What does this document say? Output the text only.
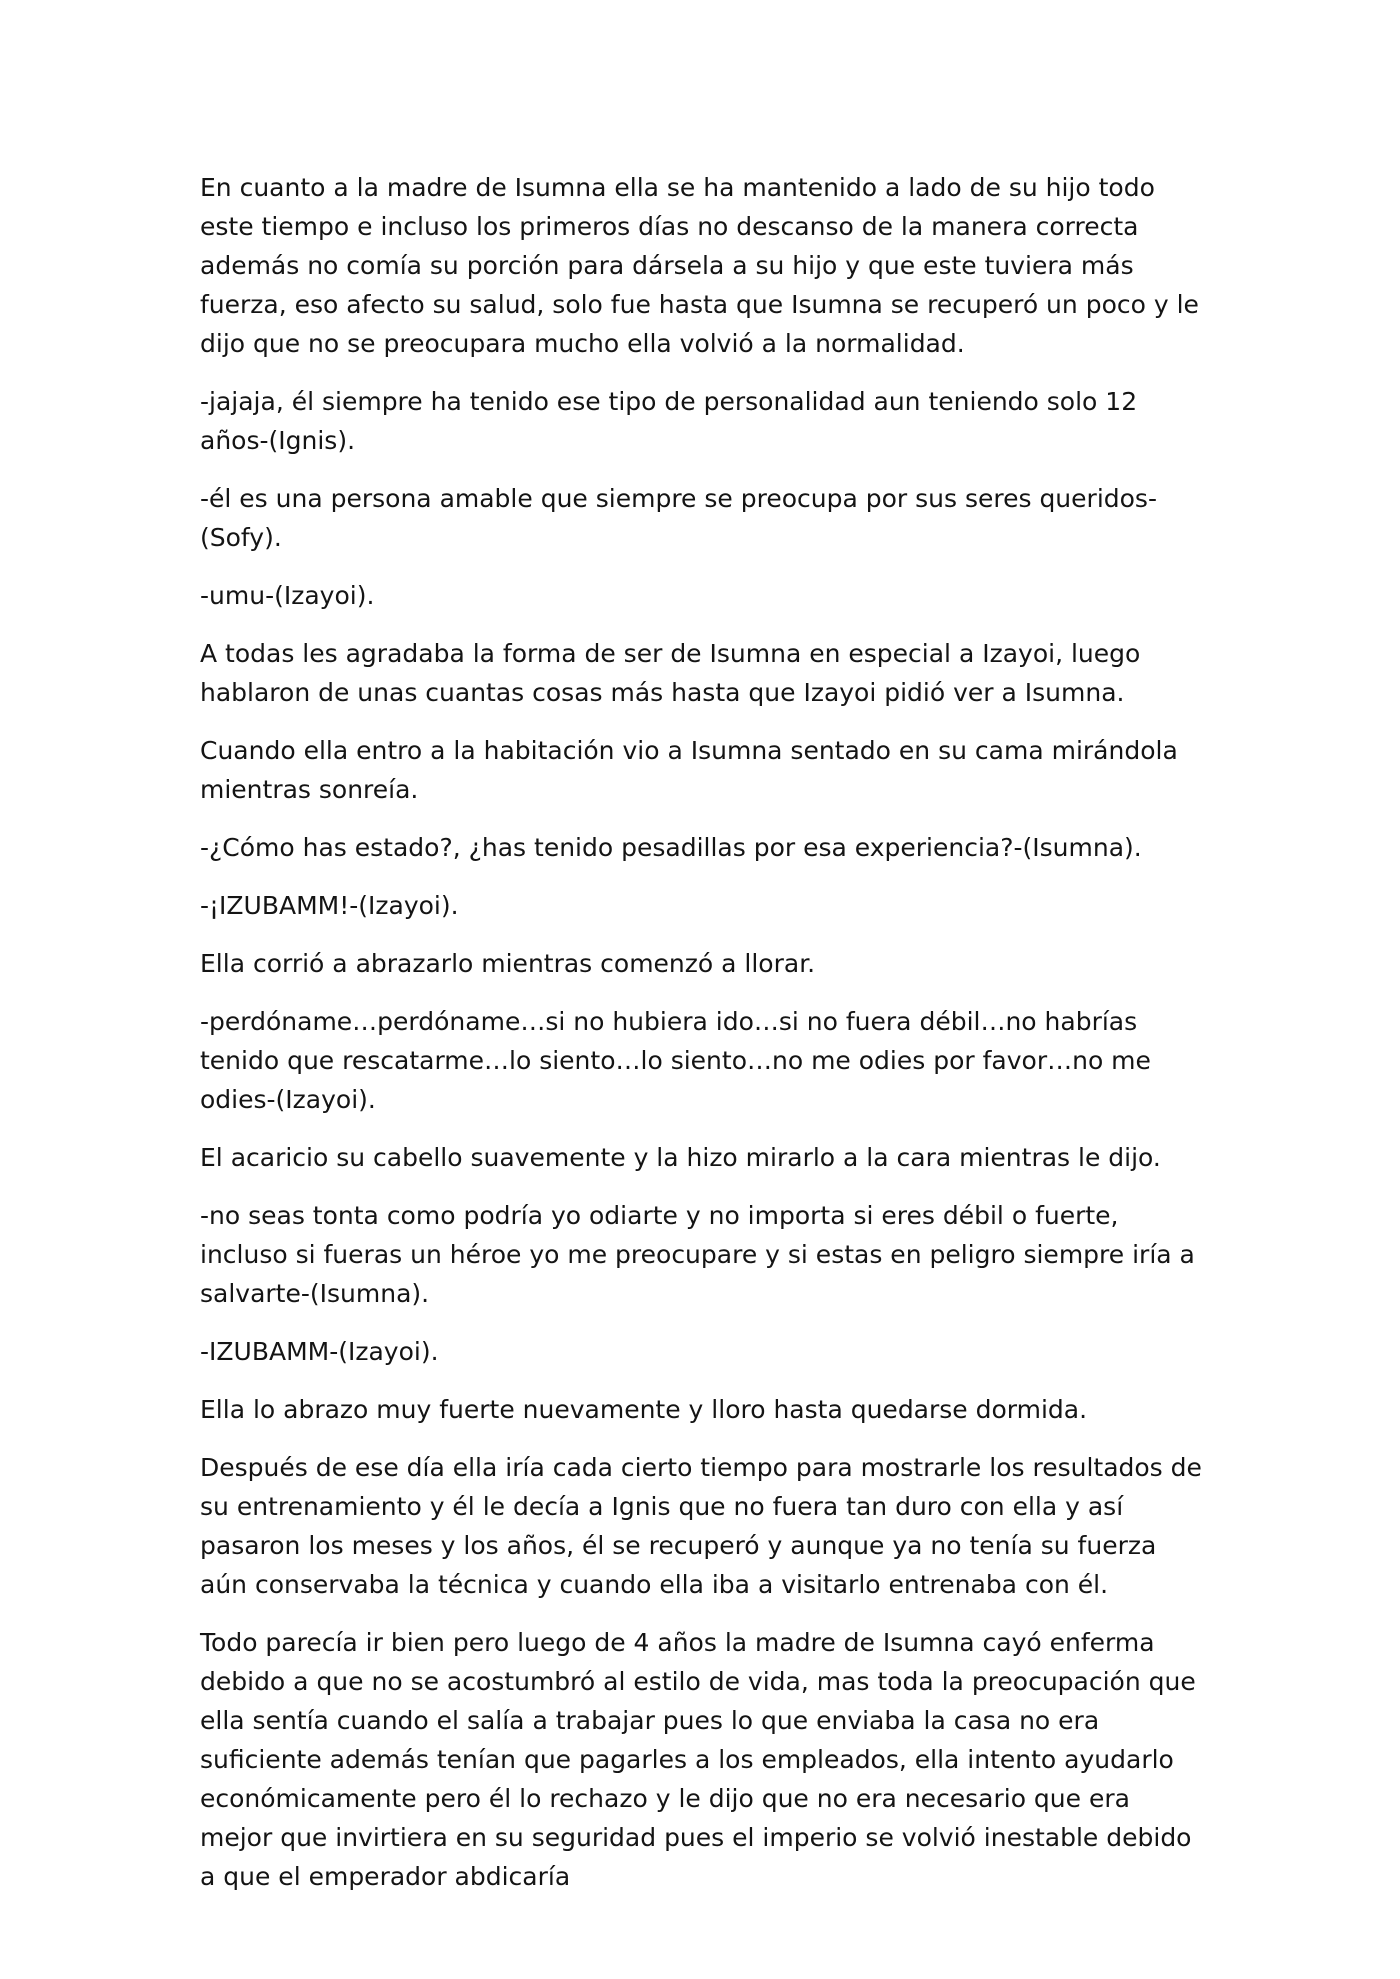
En cuanto a la madre de Isumna ella se ha mantenido a lado de su hijo todo este tiempo e incluso los primeros días no descanso de la manera correcta además no comía su porción para dársela a su hijo y que este tuviera más fuerza, eso afecto su salud, solo fue hasta que Isumna se recuperó un poco y le dijo que no se preocupara mucho ella volvió a la normalidad.

-jajaja, él siempre ha tenido ese tipo de personalidad aun teniendo solo 12 años-(Ignis).

-él es una persona amable que siempre se preocupa por sus seres queridos-(Sofy).

-umu-(Izayoi).

A todas les agradaba la forma de ser de Isumna en especial a Izayoi, luego hablaron de unas cuantas cosas más hasta que Izayoi pidió ver a Isumna.

Cuando ella entro a la habitación vio a Isumna sentado en su cama mirándola mientras sonreía.

-¿Cómo has estado?, ¿has tenido pesadillas por esa experiencia?-(Isumna).

-¡IZUBAMM!-(Izayoi).

Ella corrió a abrazarlo mientras comenzó a llorar.

-perdóname…perdóname…si no hubiera ido…si no fuera débil…no habrías tenido que rescatarme…lo siento…lo siento…no me odies por favor…no me odies-(Izayoi).

El acaricio su cabello suavemente y la hizo mirarlo a la cara mientras le dijo.

-no seas tonta como podría yo odiarte y no importa si eres débil o fuerte, incluso si fueras un héroe yo me preocupare y si estas en peligro siempre iría a salvarte-(Isumna).

-IZUBAMM-(Izayoi).

Ella lo abrazo muy fuerte nuevamente y lloro hasta quedarse dormida.

Después de ese día ella iría cada cierto tiempo para mostrarle los resultados de su entrenamiento y él le decía a Ignis que no fuera tan duro con ella y así pasaron los meses y los años, él se recuperó y aunque ya no tenía su fuerza aún conservaba la técnica y cuando ella iba a visitarlo entrenaba con él.

Todo parecía ir bien pero luego de 4 años la madre de Isumna cayó enferma debido a que no se acostumbró al estilo de vida, mas toda la preocupación que ella sentía cuando el salía a trabajar pues lo que enviaba la casa no era suficiente además tenían que pagarles a los empleados, ella intento ayudarlo económicamente pero él lo rechazo y le dijo que no era necesario que era mejor que invirtiera en su seguridad pues el imperio se volvió inestable debido a que el emperador abdicaría
